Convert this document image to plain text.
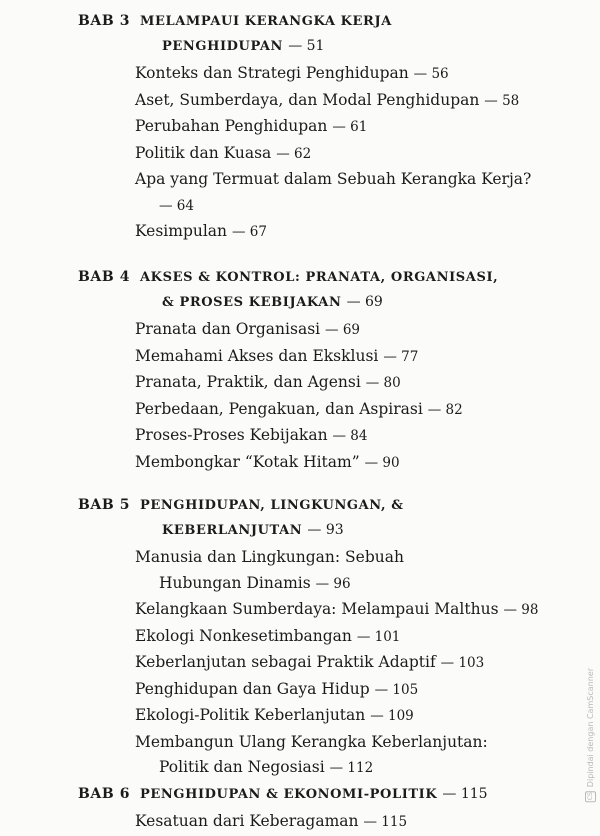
BAB 3 MELAMPAUI KERANGKA KERJA
PENGHIDUPAN — 51
Konteks dan Strategi Penghidupan — 56
Aset, Sumberdaya, dan Modal Penghidupan — 58
Perubahan Penghidupan — 61
Politik dan Kuasa — 62
Apa yang Termuat dalam Sebuah Kerangka Kerja?
— 64
Kesimpulan — 67
BAB 4 AKSES & KONTROL: PRANATA, ORGANISASI,
& PROSES KEBIJAKAN — 69
Pranata dan Organisasi — 69
Memahami Akses dan Eksklusi — 77
Pranata, Praktik, dan Agensi — 80
Perbedaan, Pengakuan, dan Aspirasi — 82
Proses-Proses Kebijakan — 84
Membongkar “Kotak Hitam” — 90
BAB 5 PENGHIDUPAN, LINGKUNGAN, &
KEBERLANJUTAN — 93
Manusia dan Lingkungan: Sebuah
Hubungan Dinamis — 96
Kelangkaan Sumberdaya: Melampaui Malthus — 98
Ekologi Nonkesetimbangan — 101
Keberlanjutan sebagai Praktik Adaptif — 103
Penghidupan dan Gaya Hidup — 105
Ekologi-Politik Keberlanjutan — 109
Membangun Ulang Kerangka Keberlanjutan:
Politik dan Negosiasi — 112
BAB 6 PENGHIDUPAN & EKONOMI-POLITIK — 115
Kesatuan dari Keberagaman — 115
CS
Dipindai dengan CamScanner
